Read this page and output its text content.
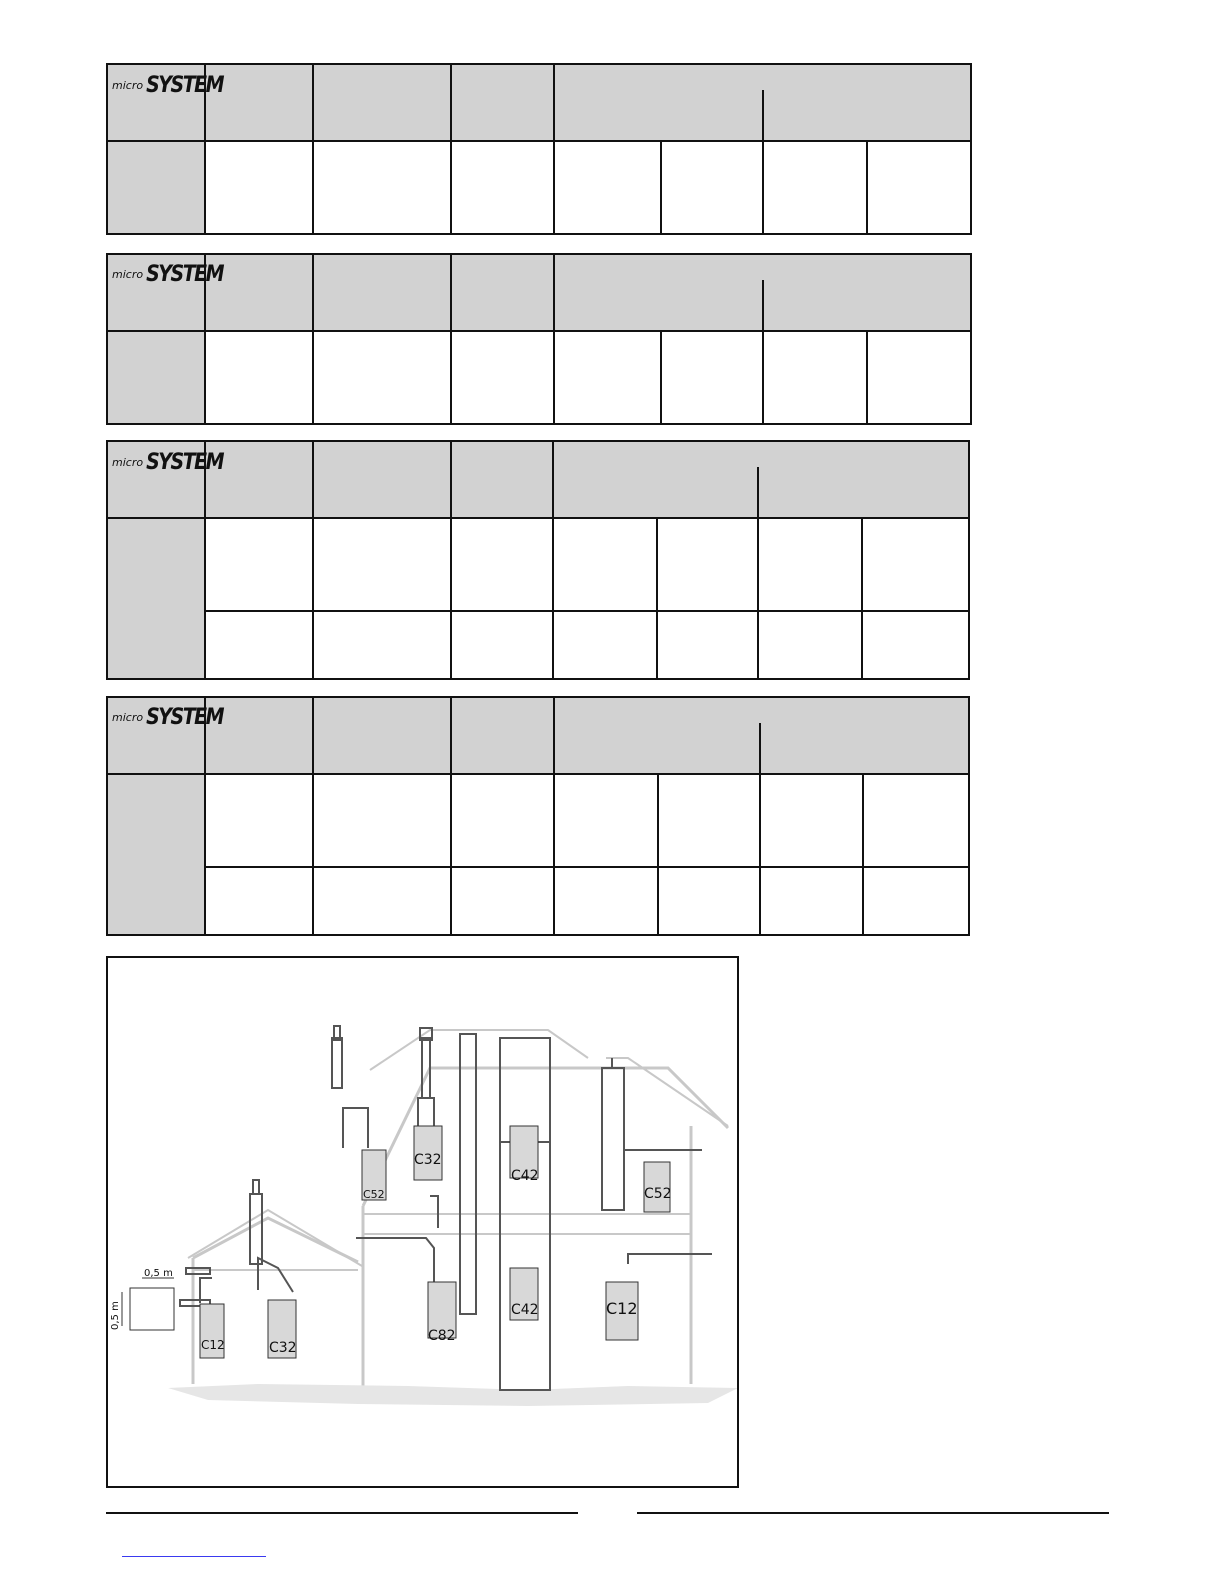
micro SYSTEM
micro SYSTEM
micro SYSTEM
micro SYSTEM
0,5 m
0,5 m
C12	C32
C52
C32
C82
C42
C42
C52
C12
